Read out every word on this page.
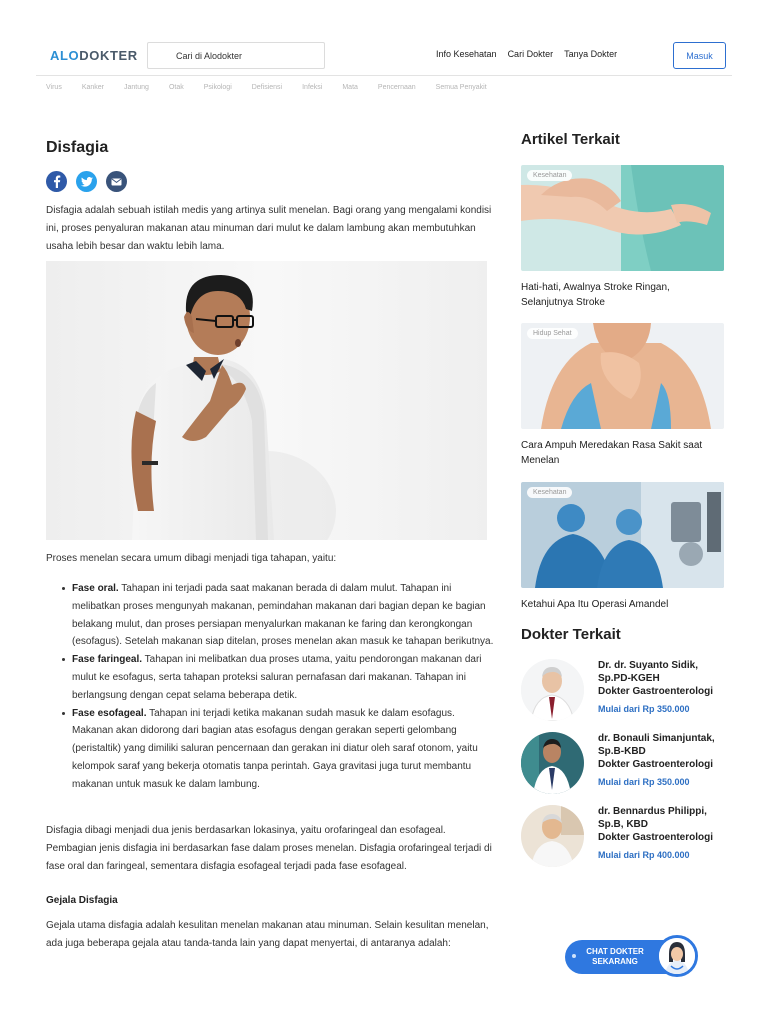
ALODOKTER	Cari di Alodokter	Info Kesehatan Cari Dokter Tanya Dokter	Masuk
Virus	Kanker	Jantung	Otak	Psikologi	Defisiensi	Infeksi	Mata	Pencernaan	Semua Penyakit
Disfagia

Disfagia adalah sebuah istilah medis yang artinya sulit menelan. Bagi orang yang mengalami kondisi ini, proses penyaluran makanan atau minuman dari mulut ke dalam lambung akan membutuhkan usaha lebih besar dan waktu lebih lama.

Proses menelan secara umum dibagi menjadi tiga tahapan, yaitu:

Fase oral. Tahapan ini terjadi pada saat makanan berada di dalam mulut. Tahapan ini melibatkan proses mengunyah makanan, pemindahan makanan dari bagian depan ke bagian belakang mulut, dan proses persiapan menyalurkan makanan ke faring dan kerongkongan (esofagus). Setelah makanan siap ditelan, proses menelan akan masuk ke tahapan berikutnya.
Fase faringeal. Tahapan ini melibatkan dua proses utama, yaitu pendorongan makanan dari mulut ke esofagus, serta tahapan proteksi saluran pernafasan dari makanan. Tahapan ini berlangsung dengan cepat selama beberapa detik.
Fase esofageal. Tahapan ini terjadi ketika makanan sudah masuk ke dalam esofagus. Makanan akan didorong dari bagian atas esofagus dengan gerakan seperti gelombang (peristaltik) yang dimiliki saluran pencernaan dan gerakan ini diatur oleh saraf otonom, yaitu kelompok saraf yang bekerja otomatis tanpa perintah. Gaya gravitasi juga turut membantu makanan untuk masuk ke dalam lambung.

Disfagia dibagi menjadi dua jenis berdasarkan lokasinya, yaitu orofaringeal dan esofageal. Pembagian jenis disfagia ini berdasarkan fase dalam proses menelan. Disfagia orofaringeal terjadi di fase oral dan faringeal, sementara disfagia esofageal terjadi pada fase esofageal.

Gejala Disfagia

Gejala utama disfagia adalah kesulitan menelan makanan atau minuman. Selain kesulitan menelan, ada juga beberapa gejala atau tanda-tanda lain yang dapat menyertai, di antaranya adalah:

Artikel Terkait
Kesehatan
Hati-hati, Awalnya Stroke Ringan, Selanjutnya Stroke
Hidup Sehat
Cara Ampuh Meredakan Rasa Sakit saat Menelan
Kesehatan
Ketahui Apa Itu Operasi Amandel
Dokter Terkait
Dr. dr. Suyanto Sidik, Sp.PD-KGEH
Dokter Gastroenterologi
Mulai dari Rp 350.000
dr. Bonauli Simanjuntak, Sp.B-KBD
Dokter Gastroenterologi
Mulai dari Rp 350.000
dr. Bennardus Philippi, Sp.B, KBD
Dokter Gastroenterologi
Mulai dari Rp 400.000
CHAT DOKTER
SEKARANG
